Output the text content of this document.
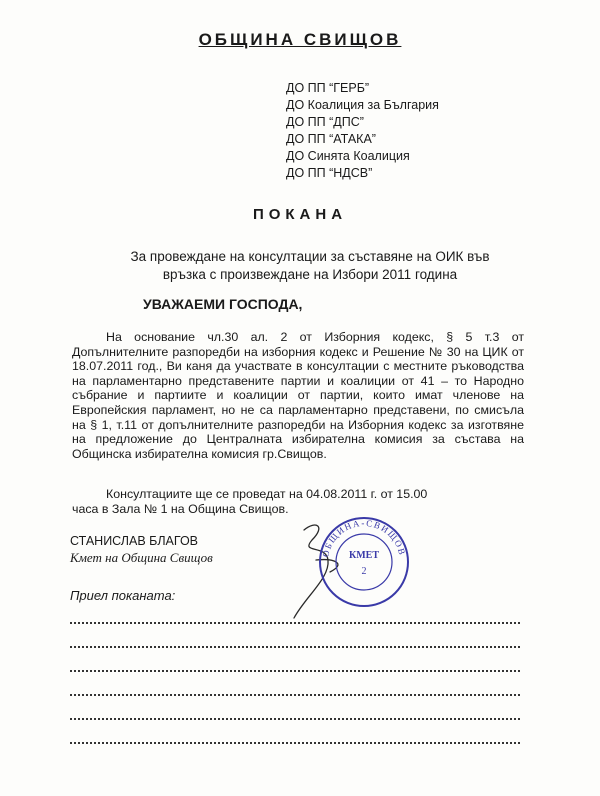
ОБЩИНА СВИЩОВ
ДО ПП “ГЕРБ”
ДО Коалиция за България
ДО ПП “ДПС”
ДО ПП “АТАКА”
ДО Синята Коалиция
ДО ПП “НДСВ”
ПОКАНА
За провеждане на консултации за съставяне на ОИК във
връзка с произвеждане на Избори 2011 година
УВАЖАЕМИ ГОСПОДА,
На основание чл.30 ал. 2 от Изборния кодекс, § 5 т.3 от Допълнителните разпоредби на изборния кодекс и Решение № 30 на ЦИК от 18.07.2011 год., Ви каня да участвате в консултации с местните ръководства на парламентарно представените партии и коалиции от 41 – то Народно събрание и партиите и коалиции от партии, които имат членове на Европейския парламент, но не са парламентарно представени, по смисъла на § 1, т.11 от допълнителните разпоредби на Изборния кодекс за изготвяне на предложение до Централната избирателна комисия за състава на Общинска избирателна комисия гр.Свищов.
Консултациите ще се проведат на 04.08.2011 г. от 15.00
часа в Зала № 1 на Община Свищов.
СТАНИСЛАВ БЛАГОВ
Кмет на Община Свищов	ОБЩИНА-СВИЩОВ
КМЕТ
2
Приел поканата:
